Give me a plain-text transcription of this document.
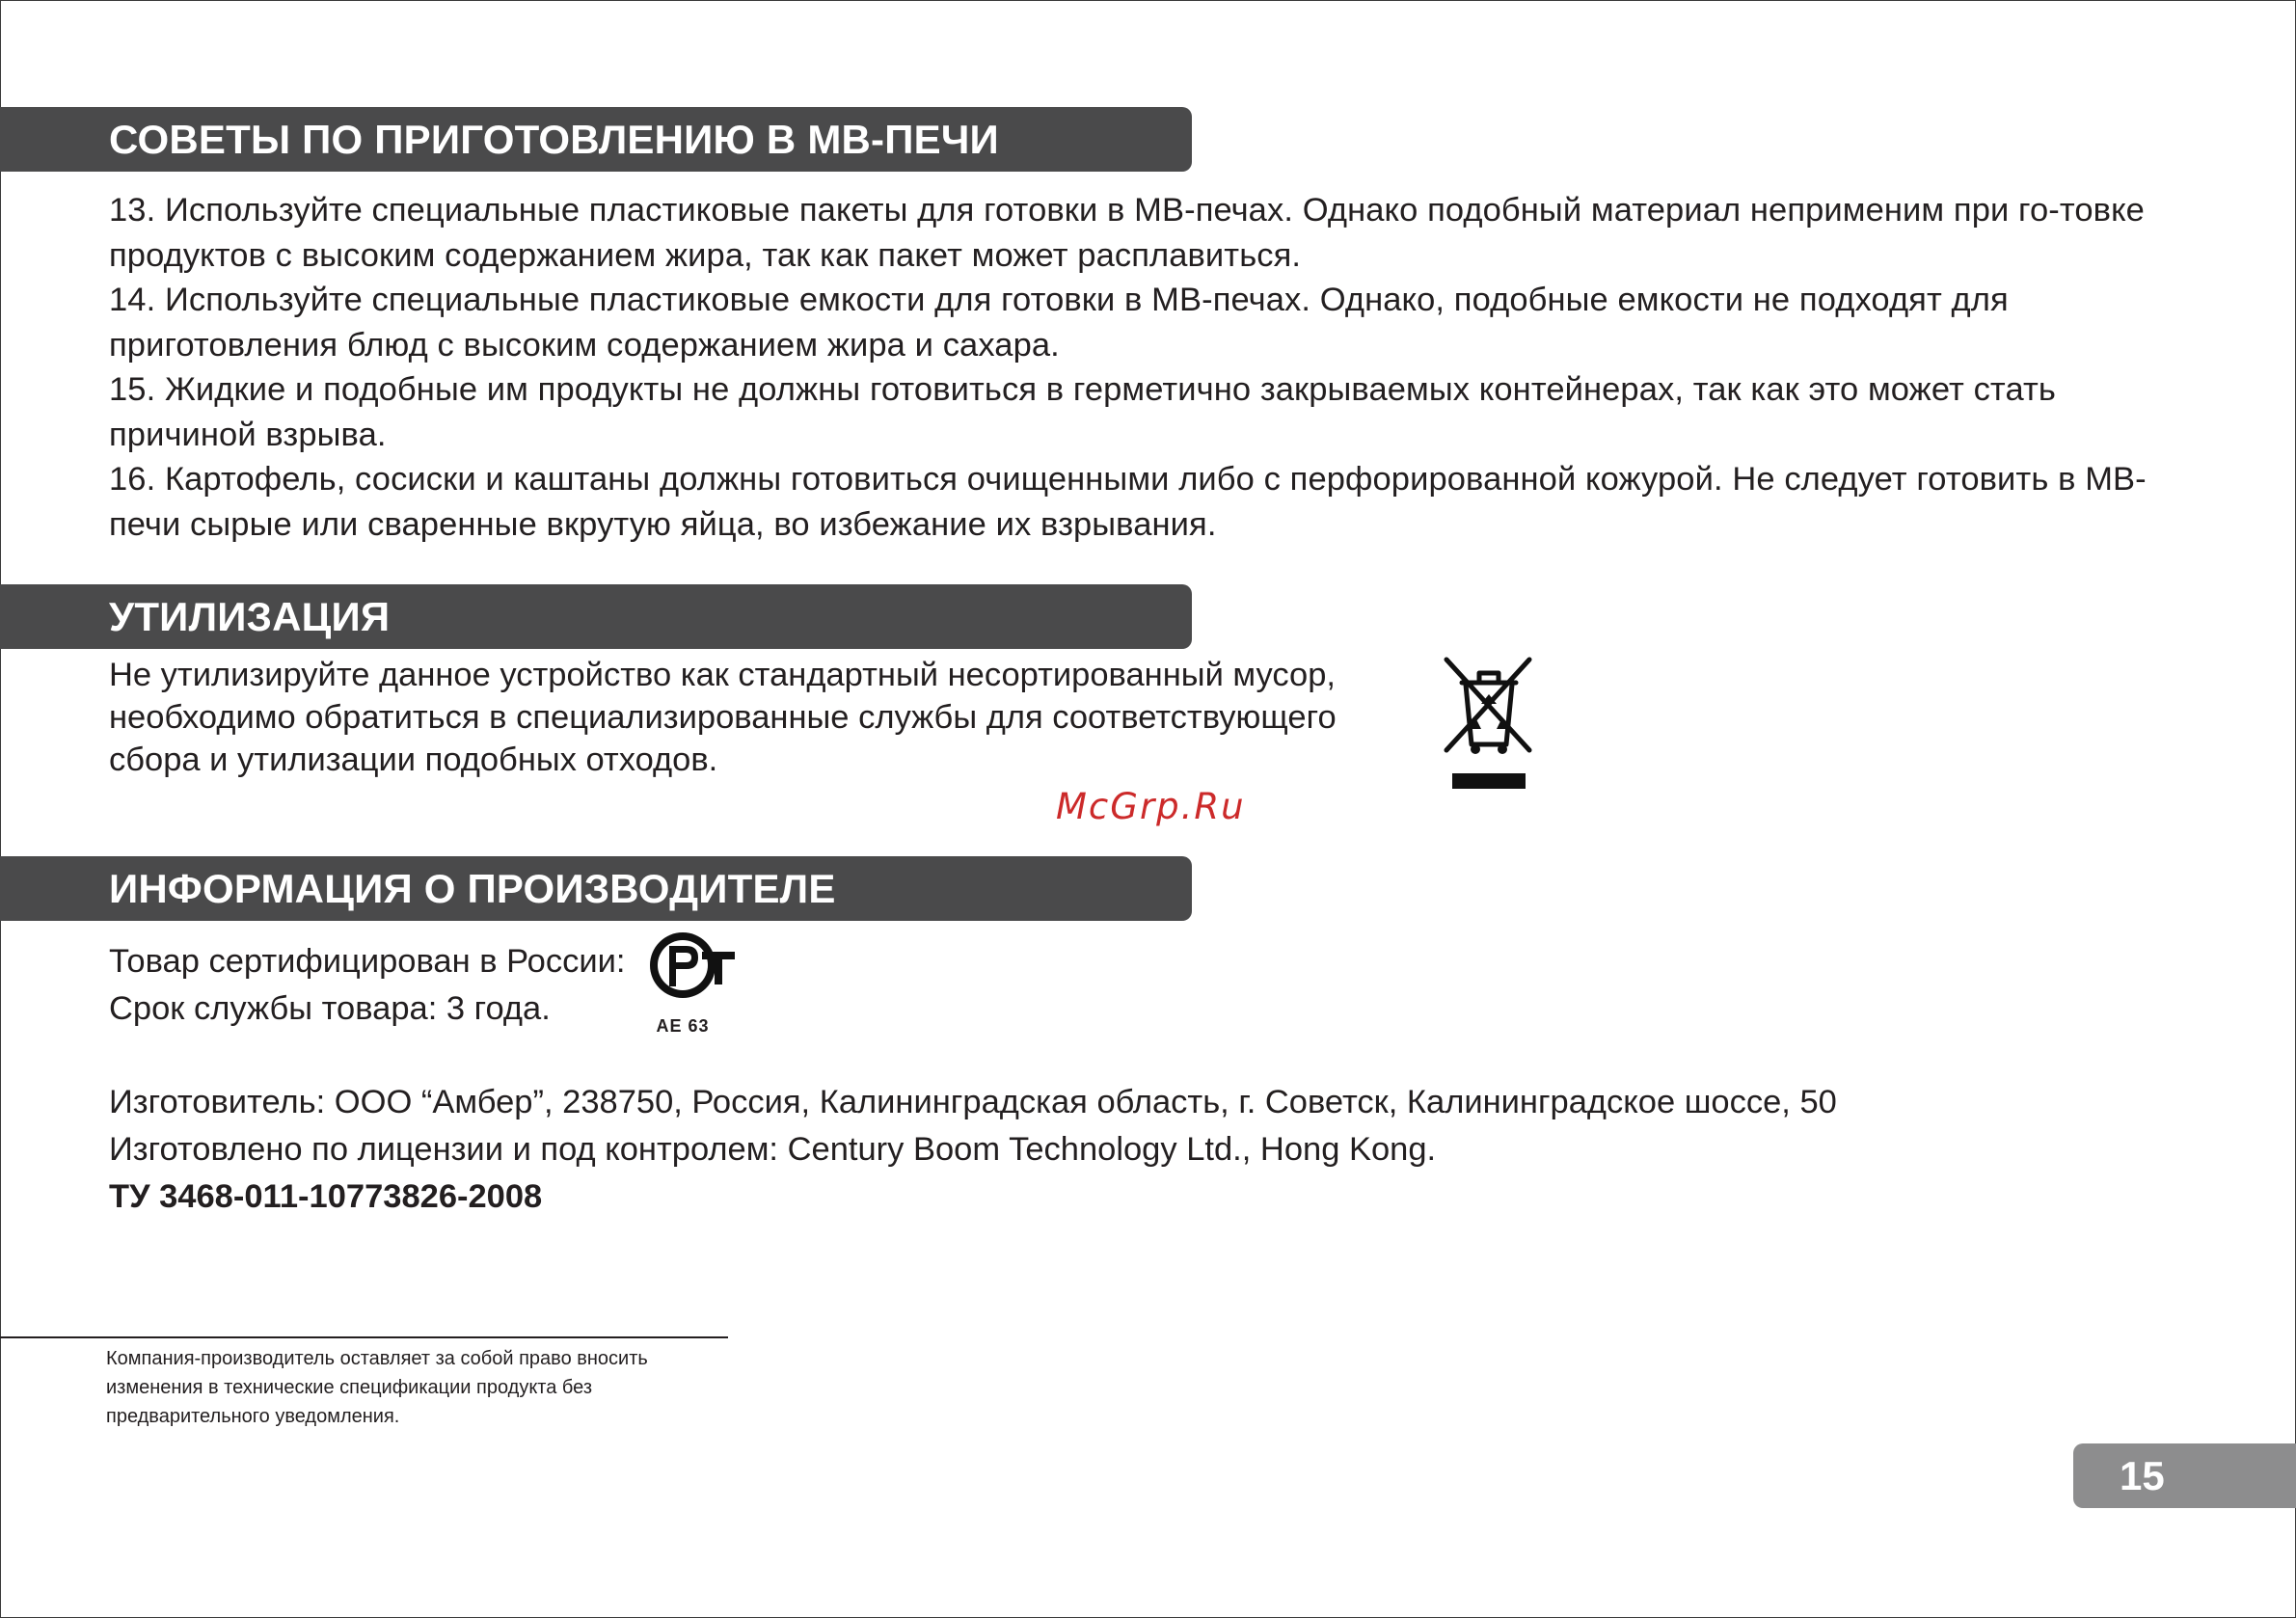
СОВЕТЫ ПО ПРИГОТОВЛЕНИЮ В МВ-ПЕЧИ

13. Используйте специальные пластиковые пакеты для готовки в МВ-печах. Однако подобный материал неприменим при го-товке продуктов с высоким содержанием жира, так как пакет может расплавиться.

14. Используйте специальные пластиковые емкости для готовки в МВ-печах. Однако, подобные емкости не подходят для приготовления блюд с высоким содержанием жира и сахара.

15. Жидкие и подобные им продукты не должны готовиться в герметично закрываемых контейнерах, так как это может стать причиной взрыва.

16. Картофель, сосиски и каштаны должны готовиться очищенными либо с перфорированной кожурой. Не следует готовить в МВ-печи сырые или сваренные вкрутую яйца, во избежание их взрывания.

УТИЛИЗАЦИЯ

Не утилизируйте данное устройство как стандартный несортированный мусор,

необходимо обратиться в специализированные службы для соответствующего

сбора и утилизации подобных отходов.

McGrp.Ru
ИНФОРМАЦИЯ О ПРОИЗВОДИТЕЛЕ

Товар сертифицирован в России:

Срок службы товара: 3 года.	AE 63

Изготовитель: ООО “Амбер”, 238750, Россия, Калининградская область, г. Советск, Калининградское шоссе, 50

Изготовлено по лицензии и под контролем: Century Boom Technology Ltd., Hong Kong.

ТУ 3468-011-10773826-2008

Компания-производитель оставляет за собой право вносить

изменения в технические спецификации продукта без

предварительного уведомления.

15
